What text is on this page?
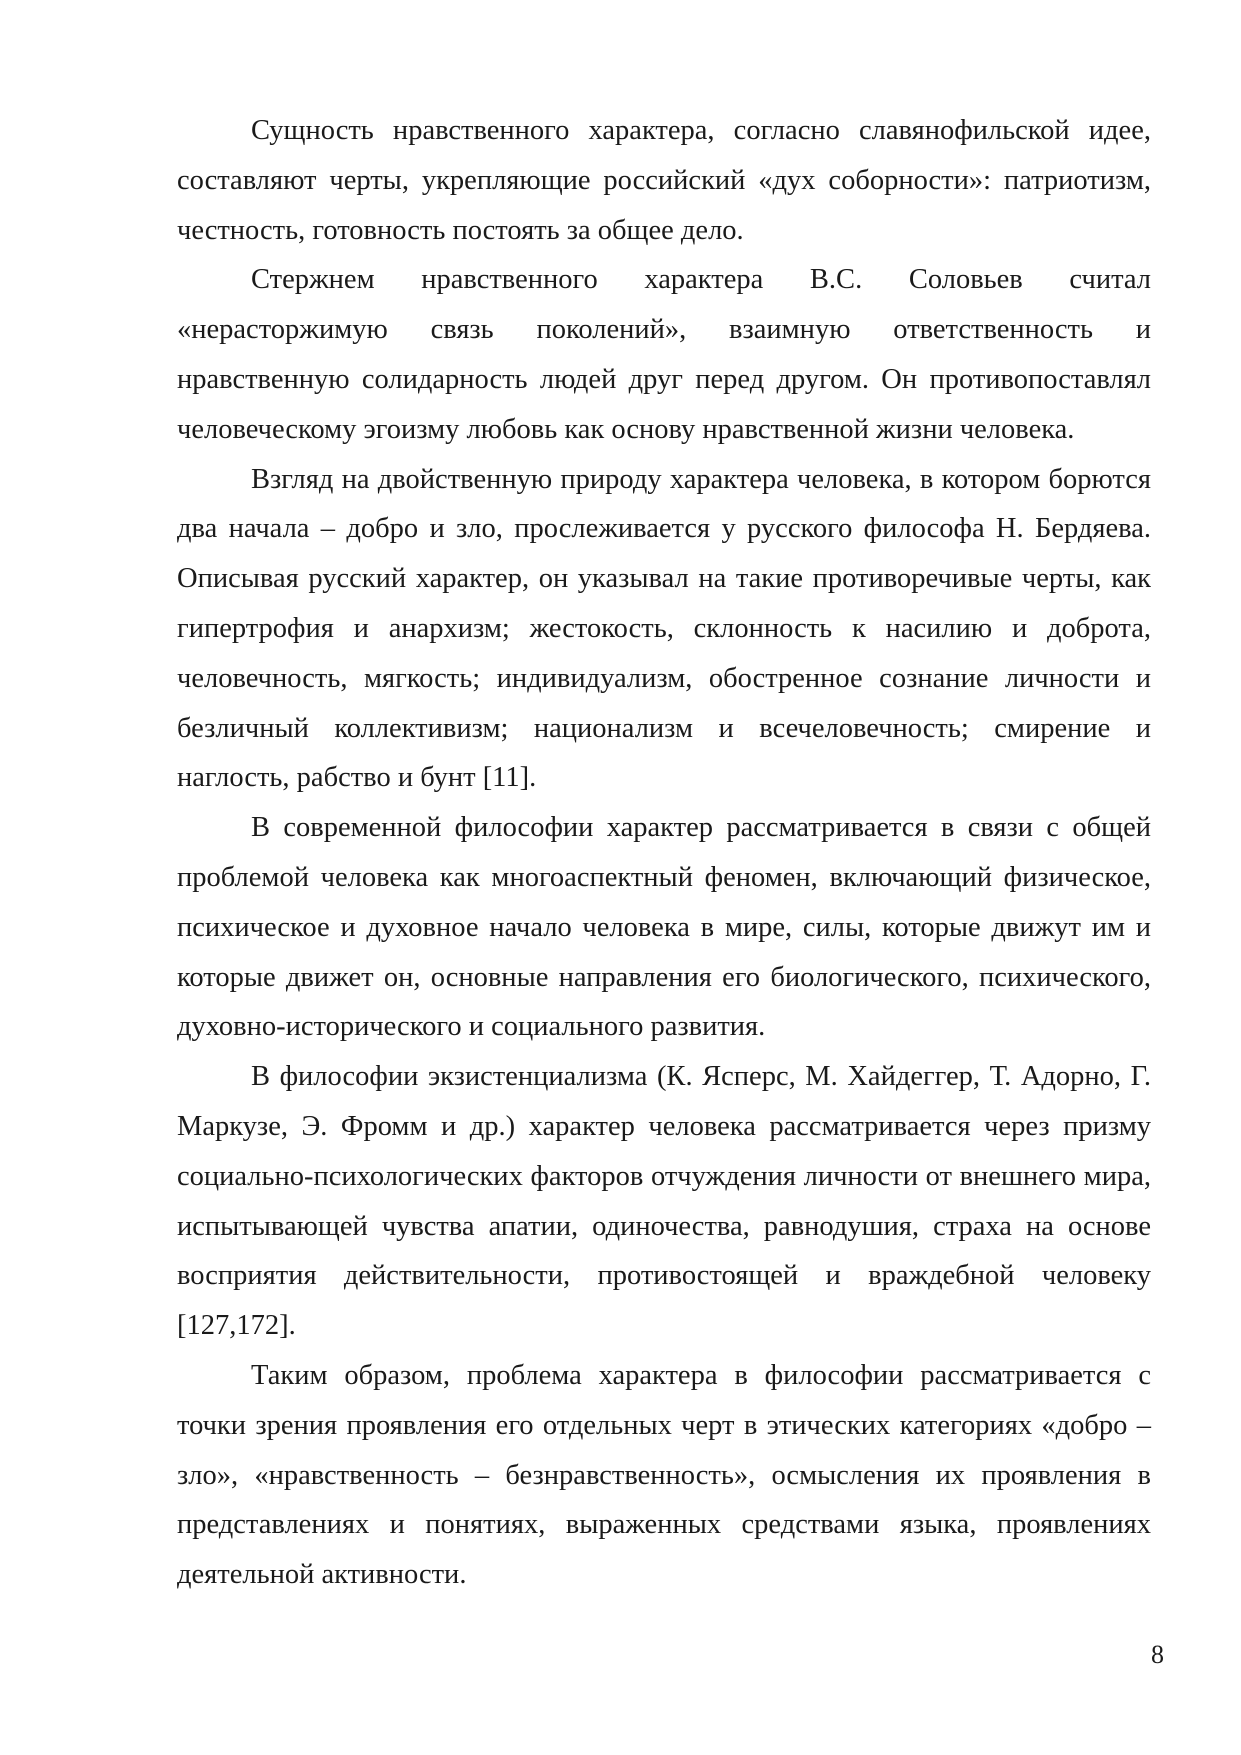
Сущность нравственного характера, согласно славянофильской идее, составляют черты, укрепляющие российский «дух соборности»: патриотизм, честность, готовность постоять за общее дело.

Стержнем нравственного характера В.С. Соловьев считал «нерасторжимую связь поколений», взаимную ответственность и нравственную солидарность людей друг перед другом. Он противопоставлял человеческому эгоизму любовь как основу нравственной жизни человека.

Взгляд на двойственную природу характера человека, в котором борются два начала – добро и зло, прослеживается у русского философа Н. Бердяева. Описывая русский характер, он указывал на такие противоречивые черты, как гипертрофия и анархизм; жестокость, склонность к насилию и доброта, человечность, мягкость; индивидуализм, обостренное сознание личности и безличный коллективизм; национализм и всечеловечность; смирение и наглость, рабство и бунт [11].

В современной философии характер рассматривается в связи с общей проблемой человека как многоаспектный феномен, включающий физическое, психическое и духовное начало человека в мире, силы, которые движут им и которые движет он, основные направления его биологического, психического, духовно-исторического и социального развития.

В философии экзистенциализма (К. Ясперс, М. Хайдеггер, Т. Адорно, Г. Маркузе, Э. Фромм и др.) характер человека рассматривается через призму социально-психологических факторов отчуждения личности от внешнего мира, испытывающей чувства апатии, одиночества, равнодушия, страха на основе восприятия действительности, противостоящей и враждебной человеку [127,172].

Таким образом, проблема характера в философии рассматривается с точки зрения проявления его отдельных черт в этических категориях «добро – зло», «нравственность – безнравственность», осмысления их проявления в представлениях и понятиях, выраженных средствами языка, проявлениях деятельной активности.

8
